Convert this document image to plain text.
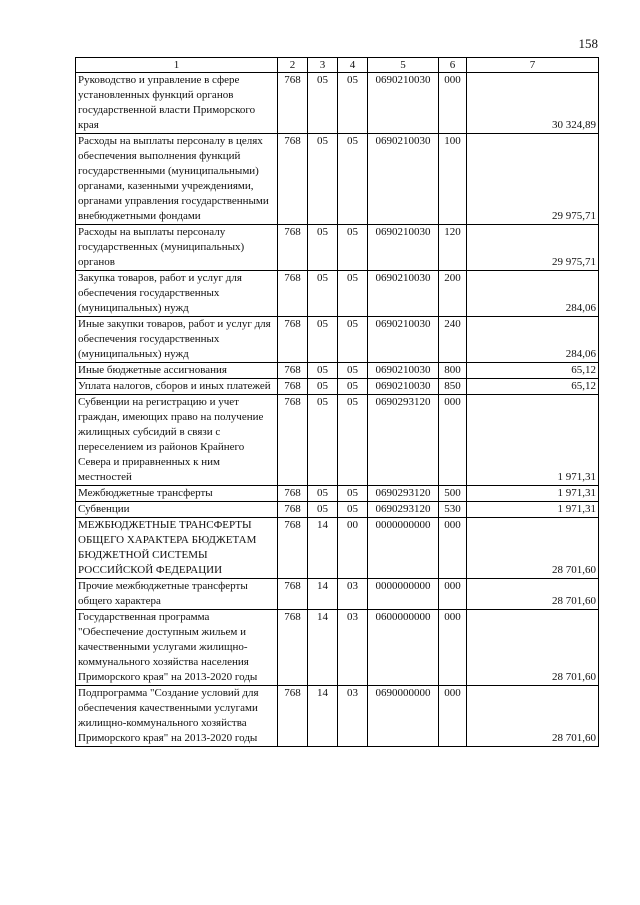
158
1	2	3	4	5	6	7
Руководство и управление в сфере установленных функций органов государственной власти Приморского края	768	05	05	0690210030	000	30 324,89
Расходы на выплаты персоналу в целях обеспечения выполнения функций государственными (муниципальными) органами, казенными учреждениями, органами управления государственными внебюджетными фондами	768	05	05	0690210030	100	29 975,71
Расходы на выплаты персоналу государственных (муниципальных) органов	768	05	05	0690210030	120	29 975,71
Закупка товаров, работ и услуг для обеспечения государственных (муниципальных) нужд	768	05	05	0690210030	200	284,06
Иные закупки товаров, работ и услуг для обеспечения государственных (муниципальных) нужд	768	05	05	0690210030	240	284,06
Иные бюджетные ассигнования	768	05	05	0690210030	800	65,12
Уплата налогов, сборов и иных платежей	768	05	05	0690210030	850	65,12
Субвенции на регистрацию и учет граждан, имеющих право на получение жилищных субсидий в связи с переселением из районов Крайнего Севера и приравненных к ним местностей	768	05	05	0690293120	000	1 971,31
Межбюджетные трансферты	768	05	05	0690293120	500	1 971,31
Субвенции	768	05	05	0690293120	530	1 971,31
МЕЖБЮДЖЕТНЫЕ ТРАНСФЕРТЫ ОБЩЕГО ХАРАКТЕРА БЮДЖЕТАМ БЮДЖЕТНОЙ СИСТЕМЫ РОССИЙСКОЙ ФЕДЕРАЦИИ	768	14	00	0000000000	000	28 701,60
Прочие межбюджетные трансферты общего характера	768	14	03	0000000000	000	28 701,60
Государственная программа "Обеспечение доступным жильем и качественными услугами жилищно-коммунального хозяйства населения Приморского края" на 2013-2020 годы	768	14	03	0600000000	000	28 701,60
Подпрограмма "Создание условий для обеспечения качественными услугами жилищно-коммунального хозяйства Приморского края" на 2013-2020 годы	768	14	03	0690000000	000	28 701,60
